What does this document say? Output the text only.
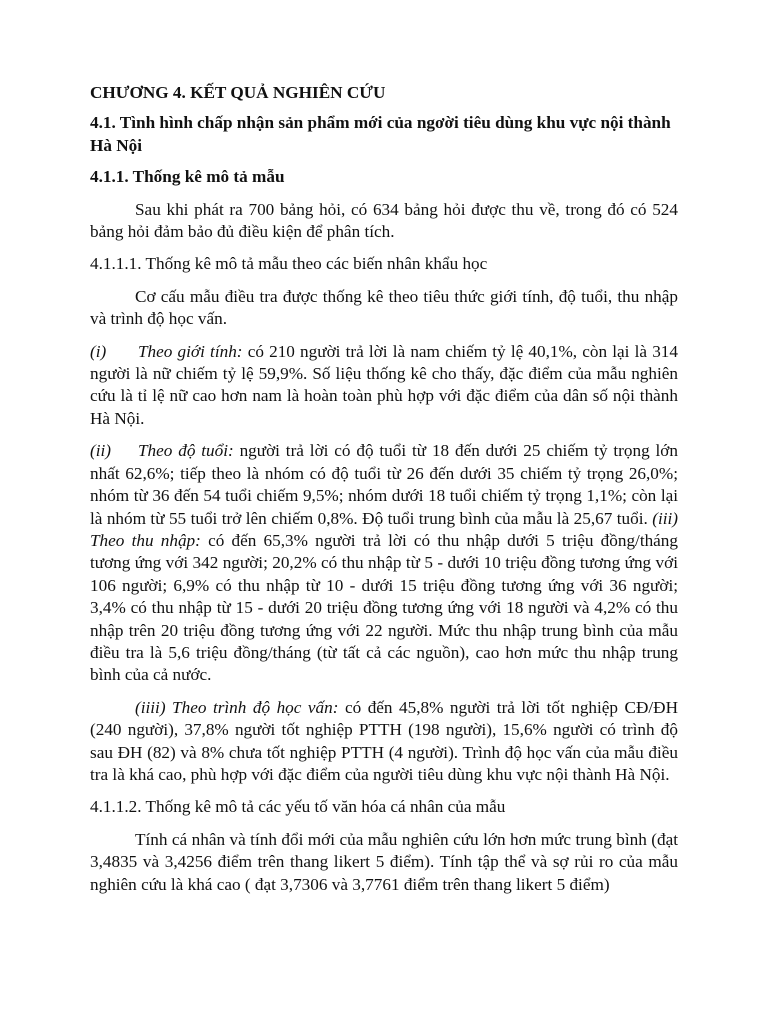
CHƯƠNG 4. KẾT QUẢ NGHIÊN CỨU
4.1. Tình hình chấp nhận sản phẩm mới của ngơời tiêu dùng khu vực nội thành Hà Nội
4.1.1. Thống kê mô tả mẫu

Sau khi phát ra 700 bảng hỏi, có 634 bảng hỏi được thu về, trong đó có 524 bảng hỏi đảm bảo đủ điều kiện để phân tích.

4.1.1.1. Thống kê mô tả mẫu theo các biến nhân khẩu học

Cơ cấu mẫu điều tra được thống kê theo tiêu thức giới tính, độ tuổi, thu nhập và trình độ học vấn.

(i) Theo giới tính: có 210 người trả lời là nam chiếm tỷ lệ 40,1%, còn lại là 314 người là nữ chiếm tỷ lệ 59,9%. Số liệu thống kê cho thấy, đặc điểm của mẫu nghiên cứu là tỉ lệ nữ cao hơn nam là hoàn toàn phù hợp với đặc điểm của dân số nội thành Hà Nội.

(ii) Theo độ tuổi: người trả lời có độ tuổi từ 18 đến dưới 25 chiếm tỷ trọng lớn nhất 62,6%; tiếp theo là nhóm có độ tuổi từ 26 đến dưới 35 chiếm tỷ trọng 26,0%; nhóm từ 36 đến 54 tuổi chiếm 9,5%; nhóm dưới 18 tuổi chiếm tỷ trọng 1,1%; còn lại là nhóm từ 55 tuổi trở lên chiếm 0,8%. Độ tuổi trung bình của mẫu là 25,67 tuổi. (iii) Theo thu nhập: có đến 65,3% người trả lời có thu nhập dưới 5 triệu đồng/tháng tương ứng với 342 người; 20,2% có thu nhập từ 5 - dưới 10 triệu đồng tương ứng với 106 người; 6,9% có thu nhập từ 10 - dưới 15 triệu đồng tương ứng với 36 người; 3,4% có thu nhập từ 15 - dưới 20 triệu đồng tương ứng với 18 người và 4,2% có thu nhập trên 20 triệu đồng tương ứng với 22 người. Mức thu nhập trung bình của mẫu điều tra là 5,6 triệu đồng/tháng (từ tất cả các nguồn), cao hơn mức thu nhập trung bình của cả nước.

(iiii) Theo trình độ học vấn: có đến 45,8% người trả lời tốt nghiệp CĐ/ĐH (240 người), 37,8% người tốt nghiệp PTTH (198 người), 15,6% người có trình độ sau ĐH (82) và 8% chưa tốt nghiệp PTTH (4 người). Trình độ học vấn của mẫu điều tra là khá cao, phù hợp với đặc điểm của người tiêu dùng khu vực nội thành Hà Nội.

4.1.1.2. Thống kê mô tả các yếu tố văn hóa cá nhân của mẫu

Tính cá nhân và tính đổi mới của mẫu nghiên cứu lớn hơn mức trung bình (đạt 3,4835 và 3,4256 điểm trên thang likert 5 điểm). Tính tập thể và sợ rủi ro của mẫu nghiên cứu là khá cao ( đạt 3,7306 và 3,7761 điểm trên thang likert 5 điểm)
